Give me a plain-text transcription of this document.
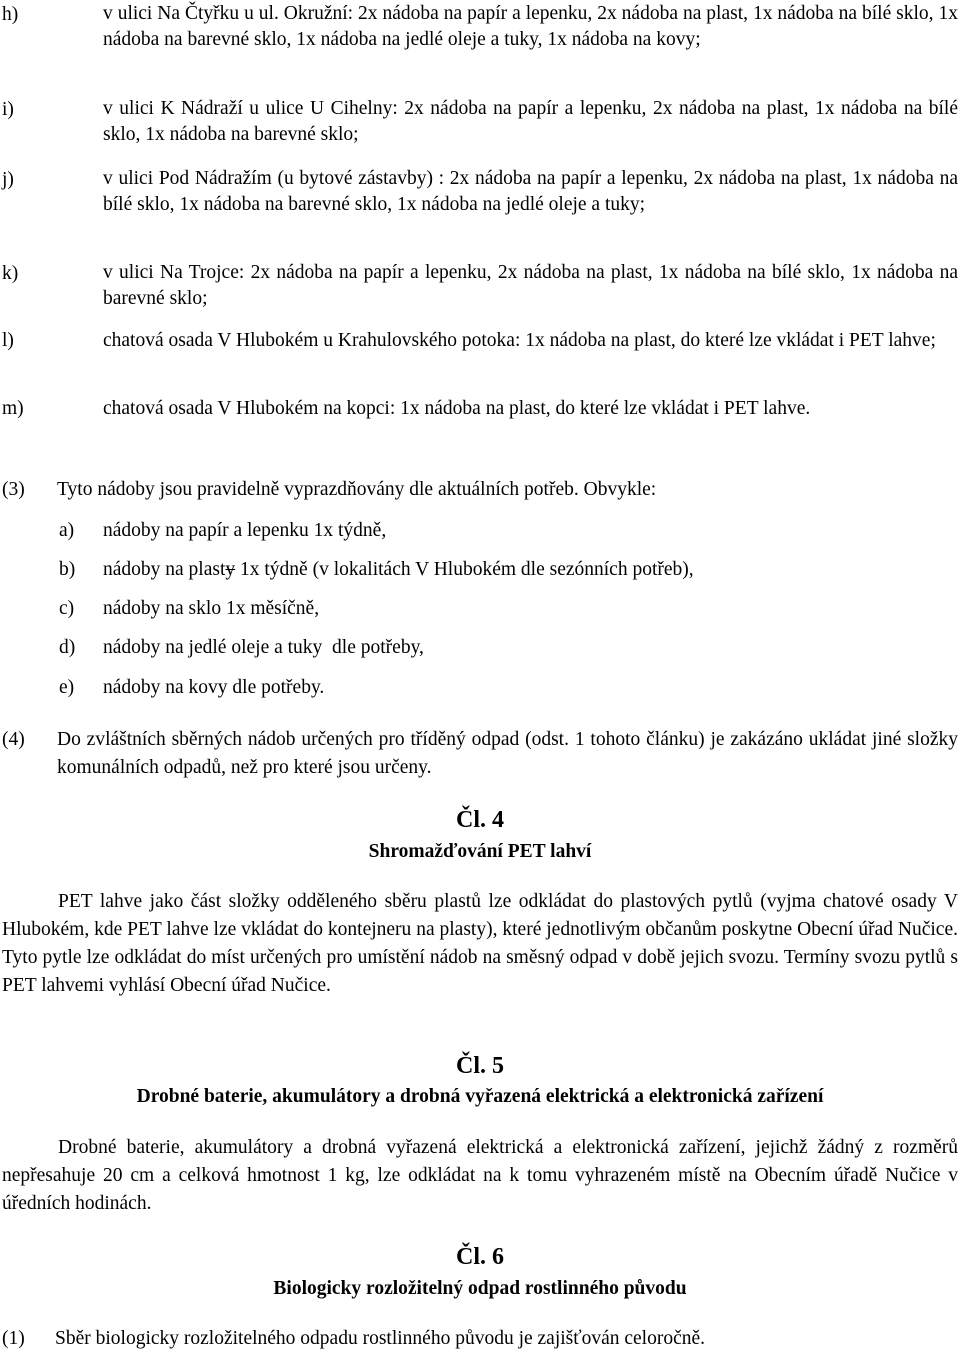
h)	v ulici Na Čtyřku u ul. Okružní: 2x nádoba na papír a lepenku, 2x nádoba na plast, 1x nádoba na bílé sklo, 1x nádoba na barevné sklo, 1x nádoba na jedlé oleje a tuky, 1x nádoba na kovy;
i)	v ulici K Nádraží u ulice U Cihelny: 2x nádoba na papír a lepenku, 2x nádoba na plast, 1x nádoba na bílé sklo, 1x nádoba na barevné sklo;
j)	v ulici Pod Nádražím (u bytové zástavby) : 2x nádoba na papír a lepenku, 2x nádoba na plast, 1x nádoba na bílé sklo, 1x nádoba na barevné sklo, 1x nádoba na jedlé oleje a tuky;
k)	v ulici Na Trojce: 2x nádoba na papír a lepenku, 2x nádoba na plast, 1x nádoba na bílé sklo, 1x nádoba na barevné sklo;
l)	chatová osada V Hlubokém u Krahulovského potoka: 1x nádoba na plast, do které lze vkládat i PET lahve;
m)	chatová osada V Hlubokém na kopci: 1x nádoba na plast, do které lze vkládat i PET lahve.
(3) Tyto nádoby jsou pravidelně vyprazdňovány dle aktuálních potřeb. Obvykle:
a) nádoby na papír a lepenku 1x týdně,
b) nádoby na plasty 1x týdně (v lokalitách V Hlubokém dle sezónních potřeb),
c) nádoby na sklo 1x měsíčně,
d) nádoby na jedlé oleje a tuky  dle potřeby,
e) nádoby na kovy dle potřeby.
(4) Do zvláštních sběrných nádob určených pro tříděný odpad (odst. 1 tohoto článku) je zakázáno ukládat jiné složky komunálních odpadů, než pro které jsou určeny.
Čl. 4
Shromažďování PET lahví
PET lahve jako část složky odděleného sběru plastů lze odkládat do plastových pytlů (vyjma chatové osady V Hlubokém, kde PET lahve lze vkládat do kontejneru na plasty), které jednotlivým občanům poskytne Obecní úřad Nučice. Tyto pytle lze odkládat do míst určených pro umístění nádob na směsný odpad v době jejich svozu. Termíny svozu pytlů s PET lahvemi vyhlásí Obecní úřad Nučice.
Čl. 5
Drobné baterie, akumulátory a drobná vyřazená elektrická a elektronická zařízení
Drobné baterie, akumulátory a drobná vyřazená elektrická a elektronická zařízení, jejichž žádný z rozměrů nepřesahuje 20 cm a celková hmotnost 1 kg, lze odkládat na k tomu vyhrazeném místě na Obecním úřadě Nučice v úředních hodinách.
Čl. 6
Biologicky rozložitelný odpad rostlinného původu
(1) Sběr biologicky rozložitelného odpadu rostlinného původu je zajišťován celoročně.
